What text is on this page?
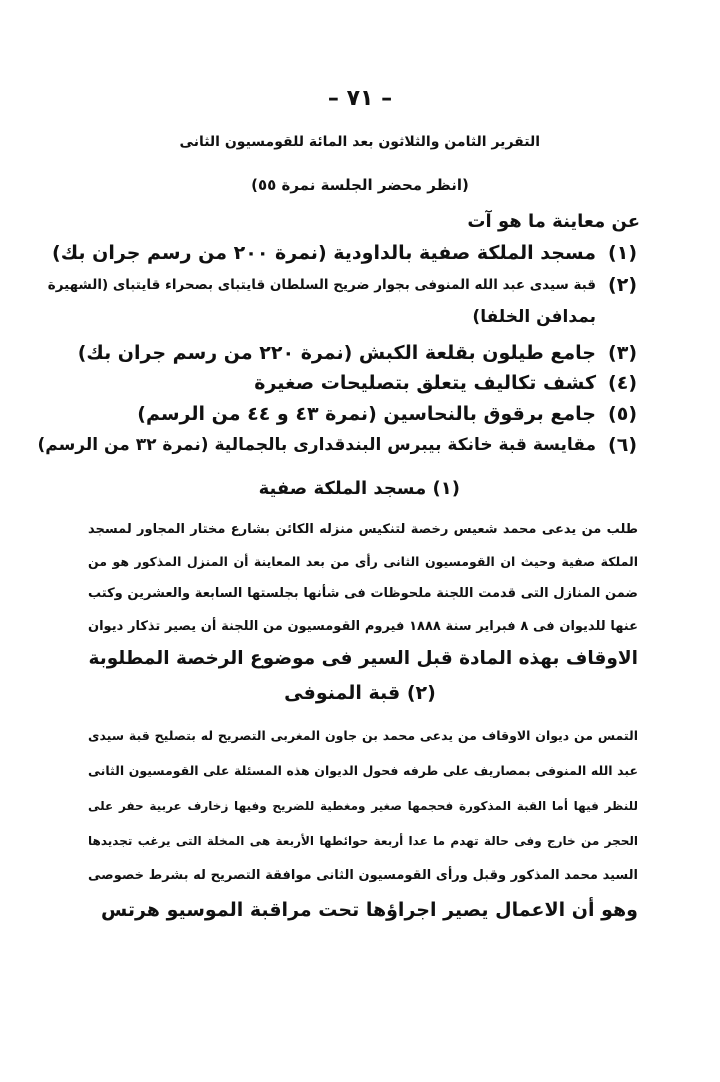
– ٧١ –
التقرير الثامن والثلاثون بعد المائة للقومسيون الثانى
(انظر محضر الجلسة نمرة ٥٥)
عن معاينة ما هو آت
(١)
مسجد الملكة صفية بالداودية (نمرة ٢٠٠ من رسم جران بك)
(٢)
قبة سيدى عبد الله المنوفى بجوار ضريح السلطان قايتباى بصحراء قايتباى (الشهيرة
بمدافن الخلفا)
(٣)
جامع طيلون بقلعة الكبش (نمرة ٢٢٠ من رسم جران بك)
(٤)
كشف تكاليف يتعلق بتصليحات صغيرة
(٥)
جامع برقوق بالنحاسين (نمرة ٤٣ و ٤٤ من الرسم)
(٦)
مقايسة قبة خانكة بيبرس البندقدارى بالجمالية (نمرة ٣٢ من الرسم)
(١) مسجد الملكة صفية
طلب من يدعى محمد شعيس رخصة لتنكيس منزله الكائن بشارع مختار المجاور لمسجد
الملكة صفية وحيث ان القومسيون الثانى رأى من بعد المعاينة أن المنزل المذكور هو من
ضمن المنازل التى قدمت اللجنة ملحوظات فى شأنها بجلستها السابعة والعشرين وكتب
عنها للديوان فى ٨ فبراير سنة ١٨٨٨ فيروم القومسيون من اللجنة أن يصير تذكار ديوان
الاوقاف بهذه المادة قبل السير فى موضوع الرخصة المطلوبة
(٢) قبة المنوفى
التمس من ديوان الاوقاف من يدعى محمد بن جاون المغربى التصريح له بتصليح قبة سيدى
عبد الله المنوفى بمصاريف على طرفه فحول الديوان هذه المسئلة على القومسيون الثانى
للنظر فيها أما القبة المذكورة فحجمها صغير ومغطية للضريح وفيها زخارف عربية حفر على
الحجر من خارج وفى حالة تهدم ما عدا أربعة حوائطها الأربعة هى المخلة التى يرغب تجديدها
السيد محمد المذكور وقبل ورأى القومسيون الثانى موافقة التصريح له بشرط خصوصى
وهو أن الاعمال يصير اجراؤها تحت مراقبة الموسيو هرتس
